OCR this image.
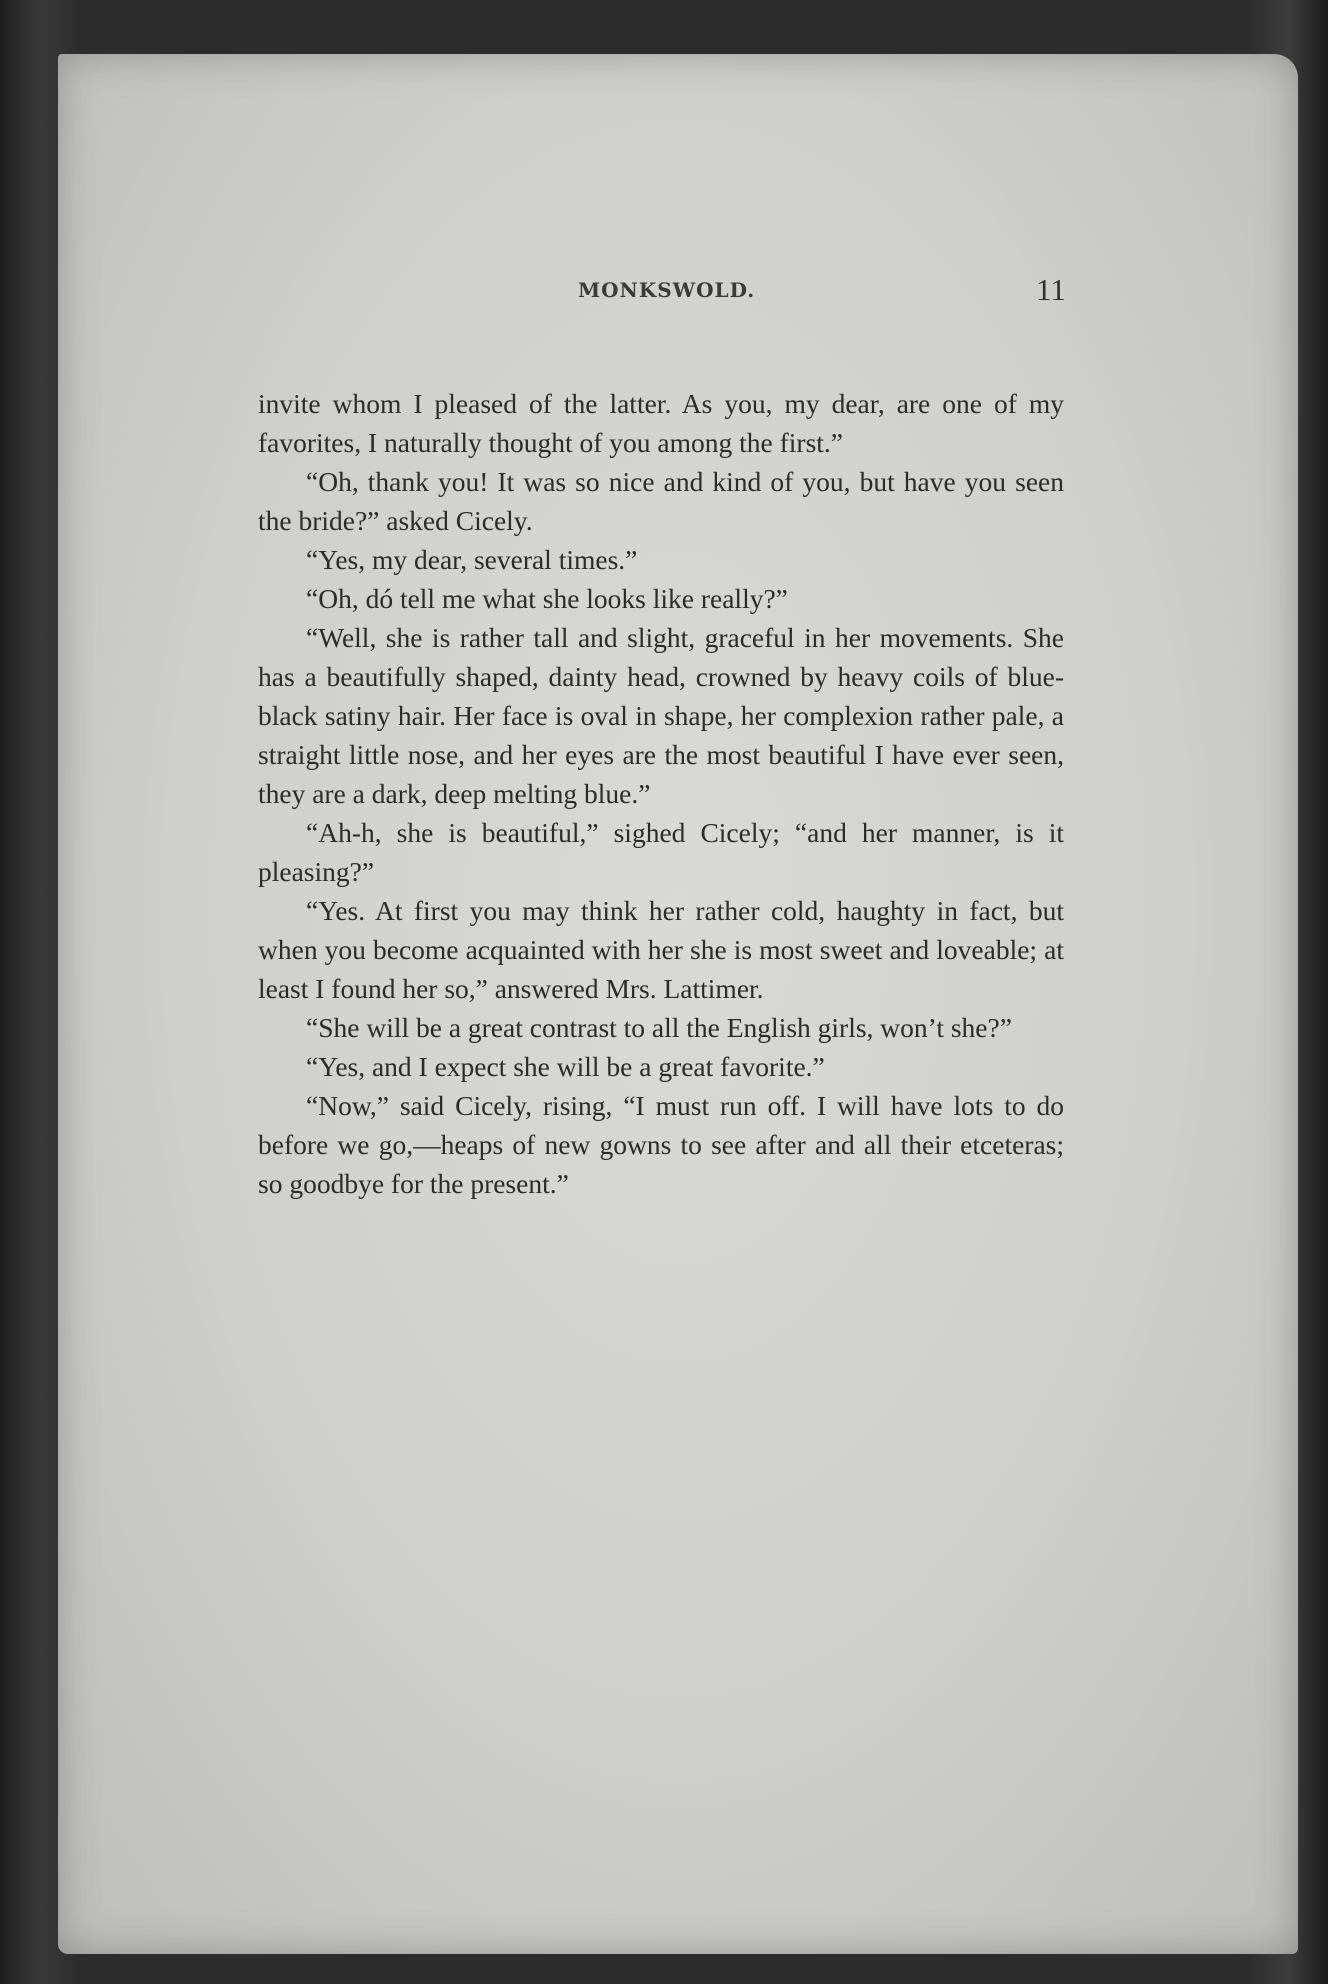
MONKSWOLD.	11

invite whom I pleased of the latter. As you, my dear, are one of my favorites, I naturally thought of you among the first.”

“Oh, thank you! It was so nice and kind of you, but have you seen the bride?” asked Cicely.

“Yes, my dear, several times.”

“Oh, dó tell me what she looks like really?”

“Well, she is rather tall and slight, graceful in her movements. She has a beautifully shaped, dainty head, crowned by heavy coils of blue-black satiny hair. Her face is oval in shape, her complexion rather pale, a straight little nose, and her eyes are the most beautiful I have ever seen, they are a dark, deep melting blue.”

“Ah-h, she is beautiful,” sighed Cicely; “and her manner, is it pleasing?”

“Yes. At first you may think her rather cold, haughty in fact, but when you become acquainted with her she is most sweet and loveable; at least I found her so,” answered Mrs. Lattimer.

“She will be a great contrast to all the English girls, won’t she?”

“Yes, and I expect she will be a great favorite.”

“Now,” said Cicely, rising, “I must run off. I will have lots to do before we go,—heaps of new gowns to see after and all their etceteras; so goodbye for the present.”
